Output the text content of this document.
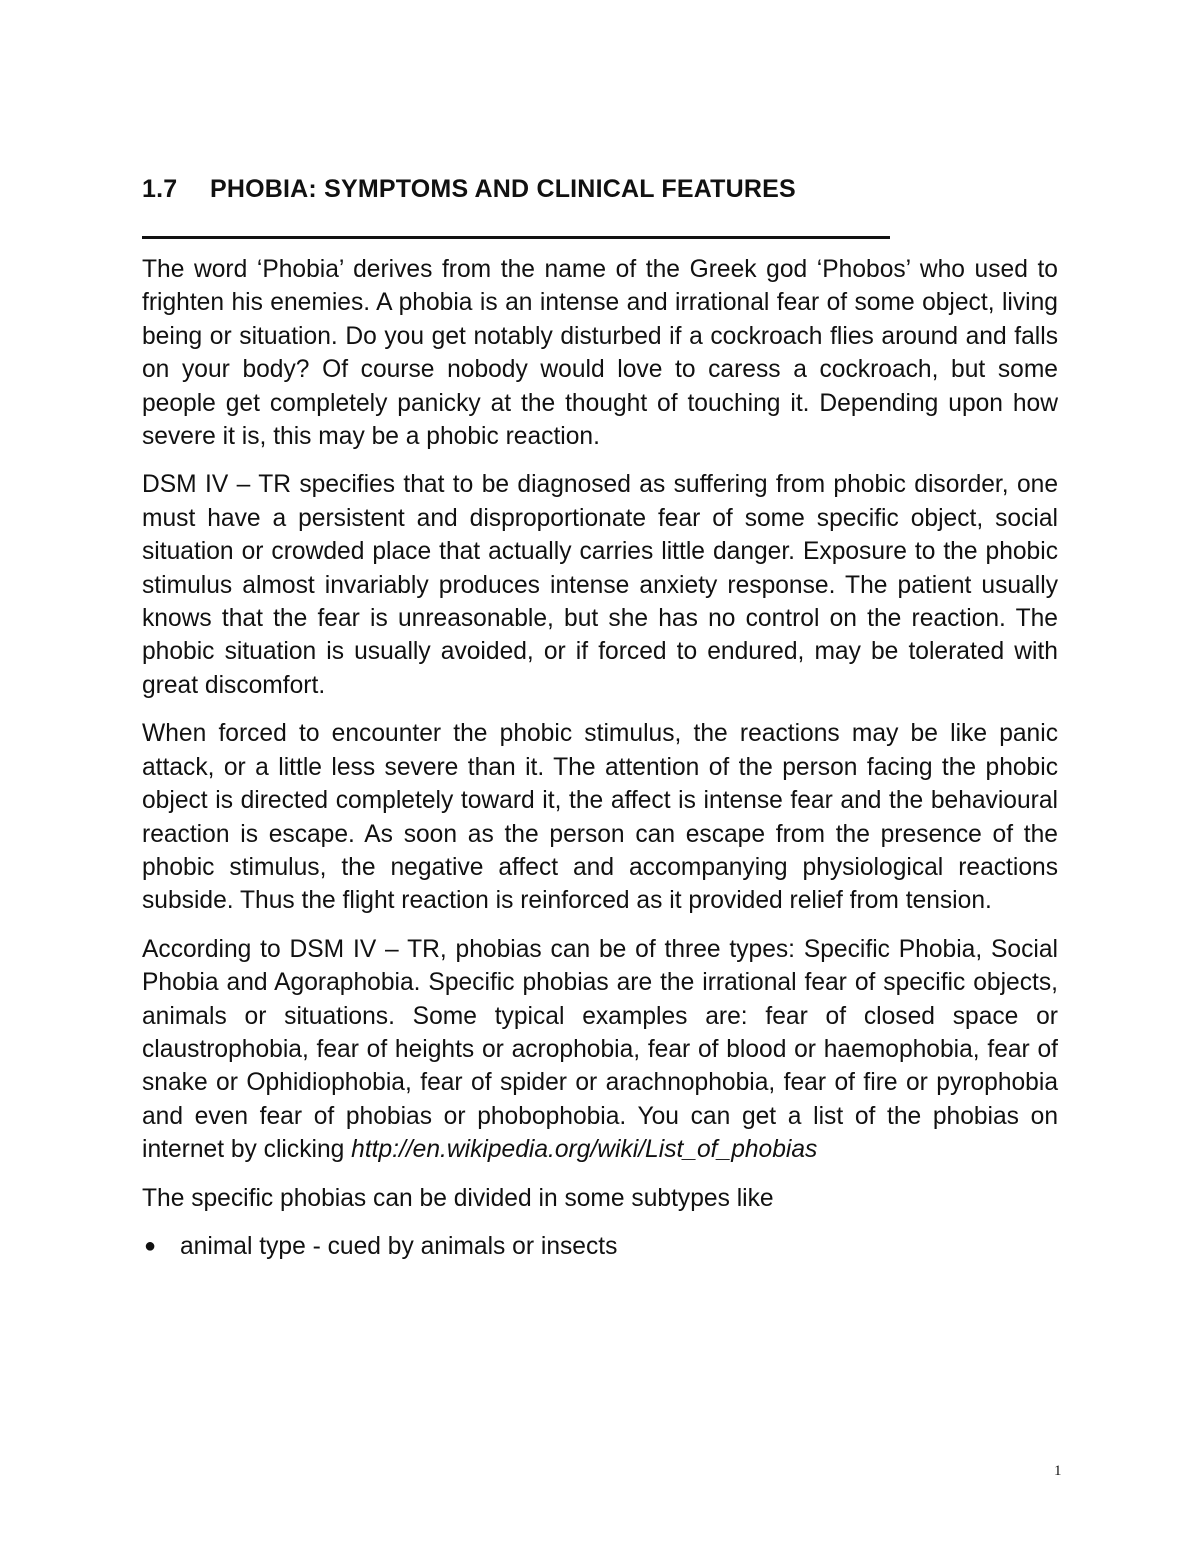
1.7 PHOBIA: SYMPTOMS AND CLINICAL FEATURES

The word ‘Phobia’ derives from the name of the Greek god ‘Phobos’ who used to frighten his enemies. A phobia is an intense and irrational fear of some object, living being or situation. Do you get notably disturbed if a cockroach flies around and falls on your body? Of course nobody would love to caress a cockroach, but some people get completely panicky at the thought of touching it. Depending upon how severe it is, this may be a phobic reaction.

DSM IV – TR specifies that to be diagnosed as suffering from phobic disorder, one must have a persistent and disproportionate fear of some specific object, social situation or crowded place that actually carries little danger. Exposure to the phobic stimulus almost invariably produces intense anxiety response. The patient usually knows that the fear is unreasonable, but she has no control on the reaction. The phobic situation is usually avoided, or if forced to endured, may be tolerated with great discomfort.

When forced to encounter the phobic stimulus, the reactions may be like panic attack, or a little less severe than it. The attention of the person facing the phobic object is directed completely toward it, the affect is intense fear and the behavioural reaction is escape. As soon as the person can escape from the presence of the phobic stimulus, the negative affect and accompanying physiological reactions subside. Thus the flight reaction is reinforced as it provided relief from tension.

According to DSM IV – TR, phobias can be of three types: Specific Phobia, Social Phobia and Agoraphobia. Specific phobias are the irrational fear of specific objects, animals or situations. Some typical examples are: fear of closed space or claustrophobia, fear of heights or acrophobia, fear of blood or haemophobia, fear of snake or Ophidiophobia, fear of spider or arachnophobia, fear of fire or pyrophobia and even fear of phobias or phobophobia. You can get a list of the phobias on internet by clicking http://en.wikipedia.org/wiki/List_of_phobias

The specific phobias can be divided in some subtypes like

● animal type - cued by animals or insects
1
